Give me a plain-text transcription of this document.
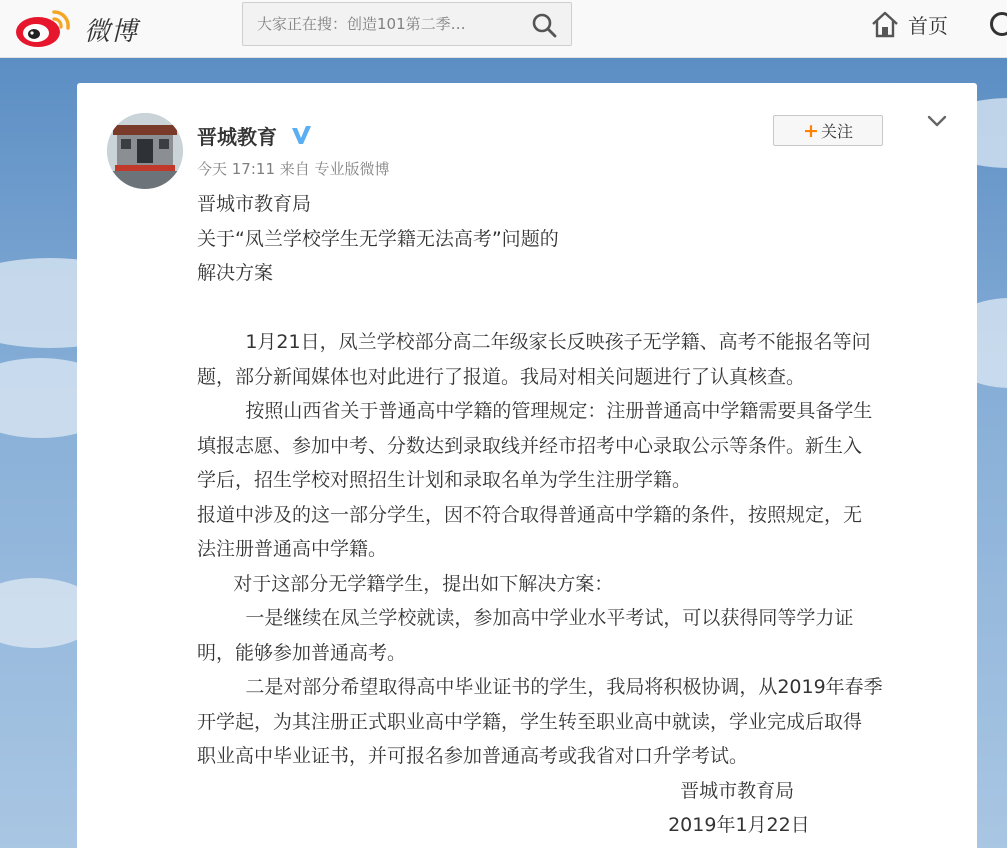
微博
大家正在搜：创造101第二季…	首页
晋城教育
今天 17:11 来自 专业版微博
+ 关注

晋城市教育局

关于“凤兰学校学生无学籍无法高考”问题的

解决方案

1月21日，凤兰学校部分高二年级家长反映孩子无学籍、高考不能报名等问

题，部分新闻媒体也对此进行了报道。我局对相关问题进行了认真核查。

按照山西省关于普通高中学籍的管理规定：注册普通高中学籍需要具备学生

填报志愿、参加中考、分数达到录取线并经市招考中心录取公示等条件。新生入

学后，招生学校对照招生计划和录取名单为学生注册学籍。

报道中涉及的这一部分学生，因不符合取得普通高中学籍的条件，按照规定，无

法注册普通高中学籍。

对于这部分无学籍学生，提出如下解决方案：

一是继续在凤兰学校就读，参加高中学业水平考试，可以获得同等学力证

明，能够参加普通高考。

二是对部分希望取得高中毕业证书的学生，我局将积极协调，从2019年春季

开学起，为其注册正式职业高中学籍，学生转至职业高中就读，学业完成后取得

职业高中毕业证书，并可报名参加普通高考或我省对口升学考试。

晋城市教育局

2019年1月22日
